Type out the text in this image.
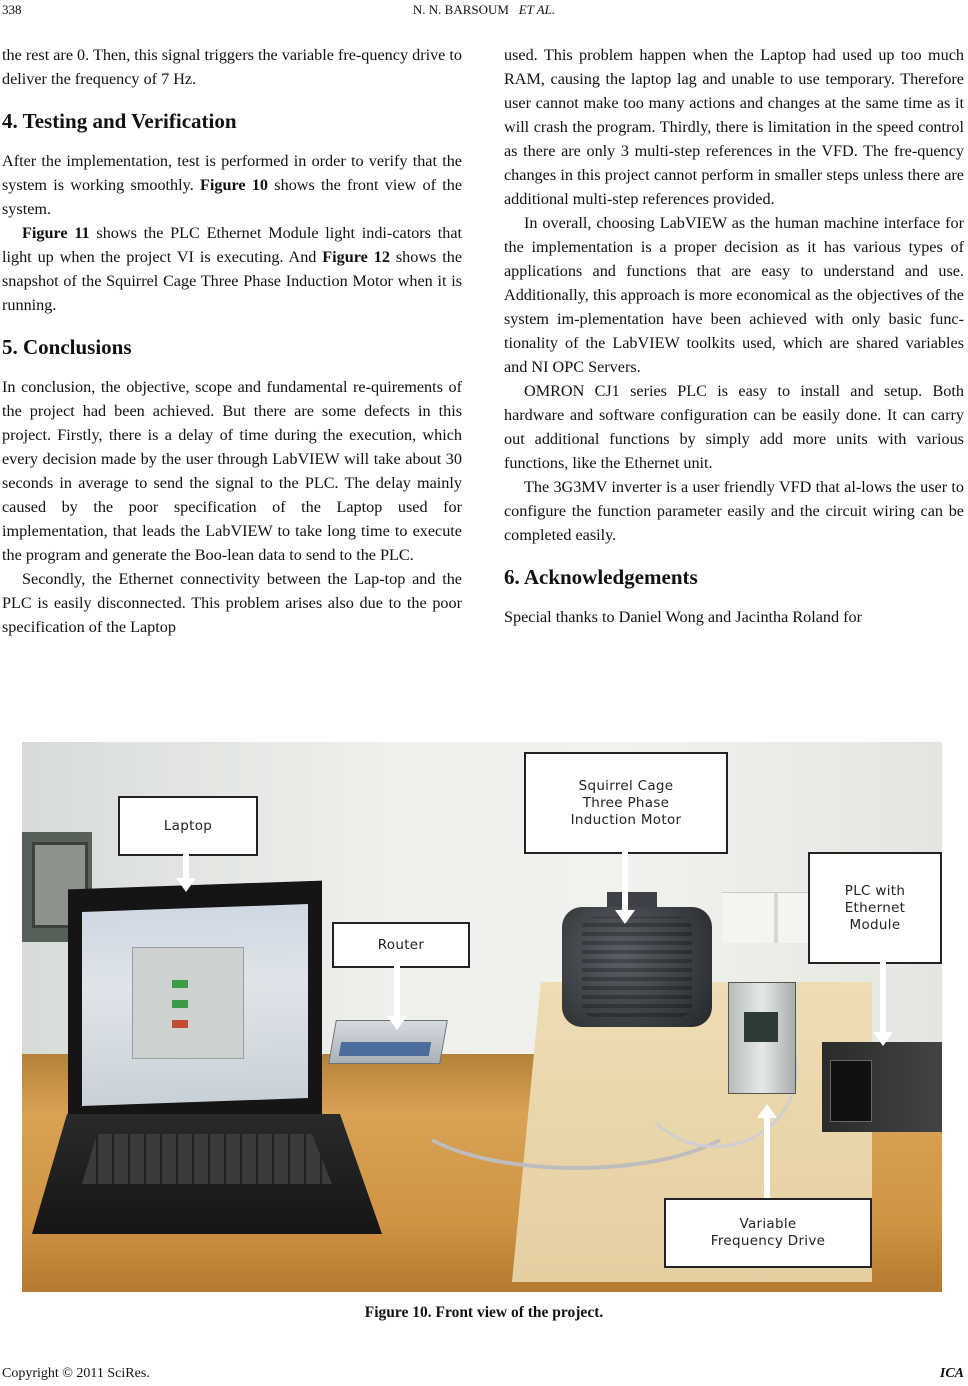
338	N. N. BARSOUM ET AL.

the rest are 0. Then, this signal triggers the variable fre-quency drive to deliver the frequency of 7 Hz.

4. Testing and Verification

After the implementation, test is performed in order to verify that the system is working smoothly. Figure 10 shows the front view of the system.

Figure 11 shows the PLC Ethernet Module light indi-cators that light up when the project VI is executing. And Figure 12 shows the snapshot of the Squirrel Cage Three Phase Induction Motor when it is running.

5. Conclusions

In conclusion, the objective, scope and fundamental re-quirements of the project had been achieved. But there are some defects in this project. Firstly, there is a delay of time during the execution, which every decision made by the user through LabVIEW will take about 30 seconds in average to send the signal to the PLC. The delay mainly caused by the poor specification of the Laptop used for implementation, that leads the LabVIEW to take long time to execute the program and generate the Boo-lean data to send to the PLC.

Secondly, the Ethernet connectivity between the Lap-top and the PLC is easily disconnected. This problem arises also due to the poor specification of the Laptop

used. This problem happen when the Laptop had used up too much RAM, causing the laptop lag and unable to use temporary. Therefore user cannot make too many actions and changes at the same time as it will crash the program. Thirdly, there is limitation in the speed control as there are only 3 multi-step references in the VFD. The fre-quency changes in this project cannot perform in smaller steps unless there are additional multi-step references provided.

In overall, choosing LabVIEW as the human machine interface for the implementation is a proper decision as it has various types of applications and functions that are easy to understand and use. Additionally, this approach is more economical as the objectives of the system im-plementation have been achieved with only basic func-tionality of the LabVIEW toolkits used, which are shared variables and NI OPC Servers.

OMRON CJ1 series PLC is easy to install and setup. Both hardware and software configuration can be easily done. It can carry out additional functions by simply add more units with various functions, like the Ethernet unit.

The 3G3MV inverter is a user friendly VFD that al-lows the user to configure the function parameter easily and the circuit wiring can be completed easily.

6. Acknowledgements

Special thanks to Daniel Wong and Jacintha Roland for

Laptop
Squirrel Cage
Three Phase
Induction Motor
PLC with
Ethernet
Module
Router
Variable
Frequency Drive
Figure 10. Front view of the project.
Copyright © 2011 SciRes.	ICA
